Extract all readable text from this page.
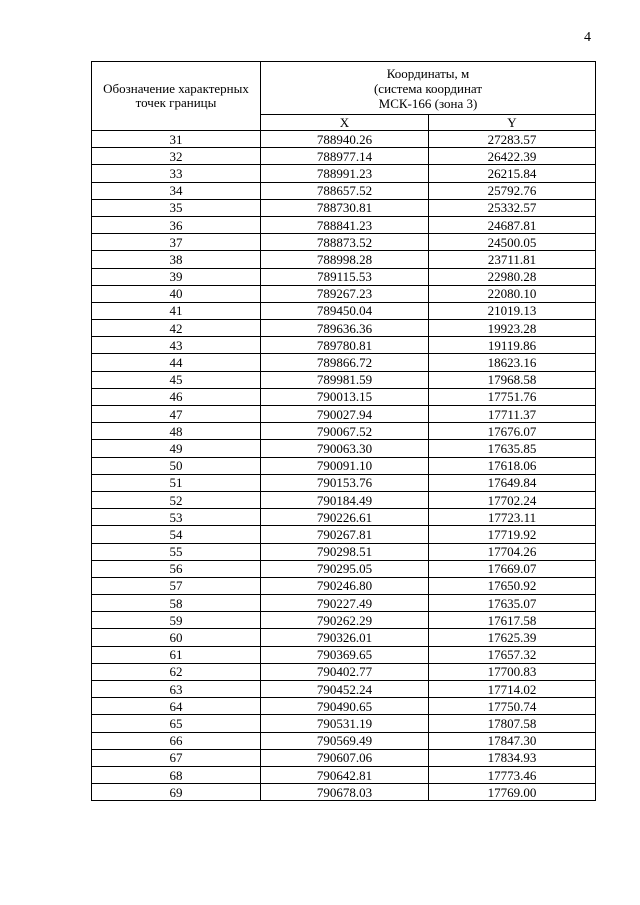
4
Обозначение характерных точек границы	Координаты, м
(система координат
МСК-166 (зона 3)	

	X	Y
31	788940.26	27283.57
32	788977.14	26422.39
33	788991.23	26215.84
34	788657.52	25792.76
35	788730.81	25332.57
36	788841.23	24687.81
37	788873.52	24500.05
38	788998.28	23711.81
39	789115.53	22980.28
40	789267.23	22080.10
41	789450.04	21019.13
42	789636.36	19923.28
43	789780.81	19119.86
44	789866.72	18623.16
45	789981.59	17968.58
46	790013.15	17751.76
47	790027.94	17711.37
48	790067.52	17676.07
49	790063.30	17635.85
50	790091.10	17618.06
51	790153.76	17649.84
52	790184.49	17702.24
53	790226.61	17723.11
54	790267.81	17719.92
55	790298.51	17704.26
56	790295.05	17669.07
57	790246.80	17650.92
58	790227.49	17635.07
59	790262.29	17617.58
60	790326.01	17625.39
61	790369.65	17657.32
62	790402.77	17700.83
63	790452.24	17714.02
64	790490.65	17750.74
65	790531.19	17807.58
66	790569.49	17847.30
67	790607.06	17834.93
68	790642.81	17773.46
69	790678.03	17769.00
